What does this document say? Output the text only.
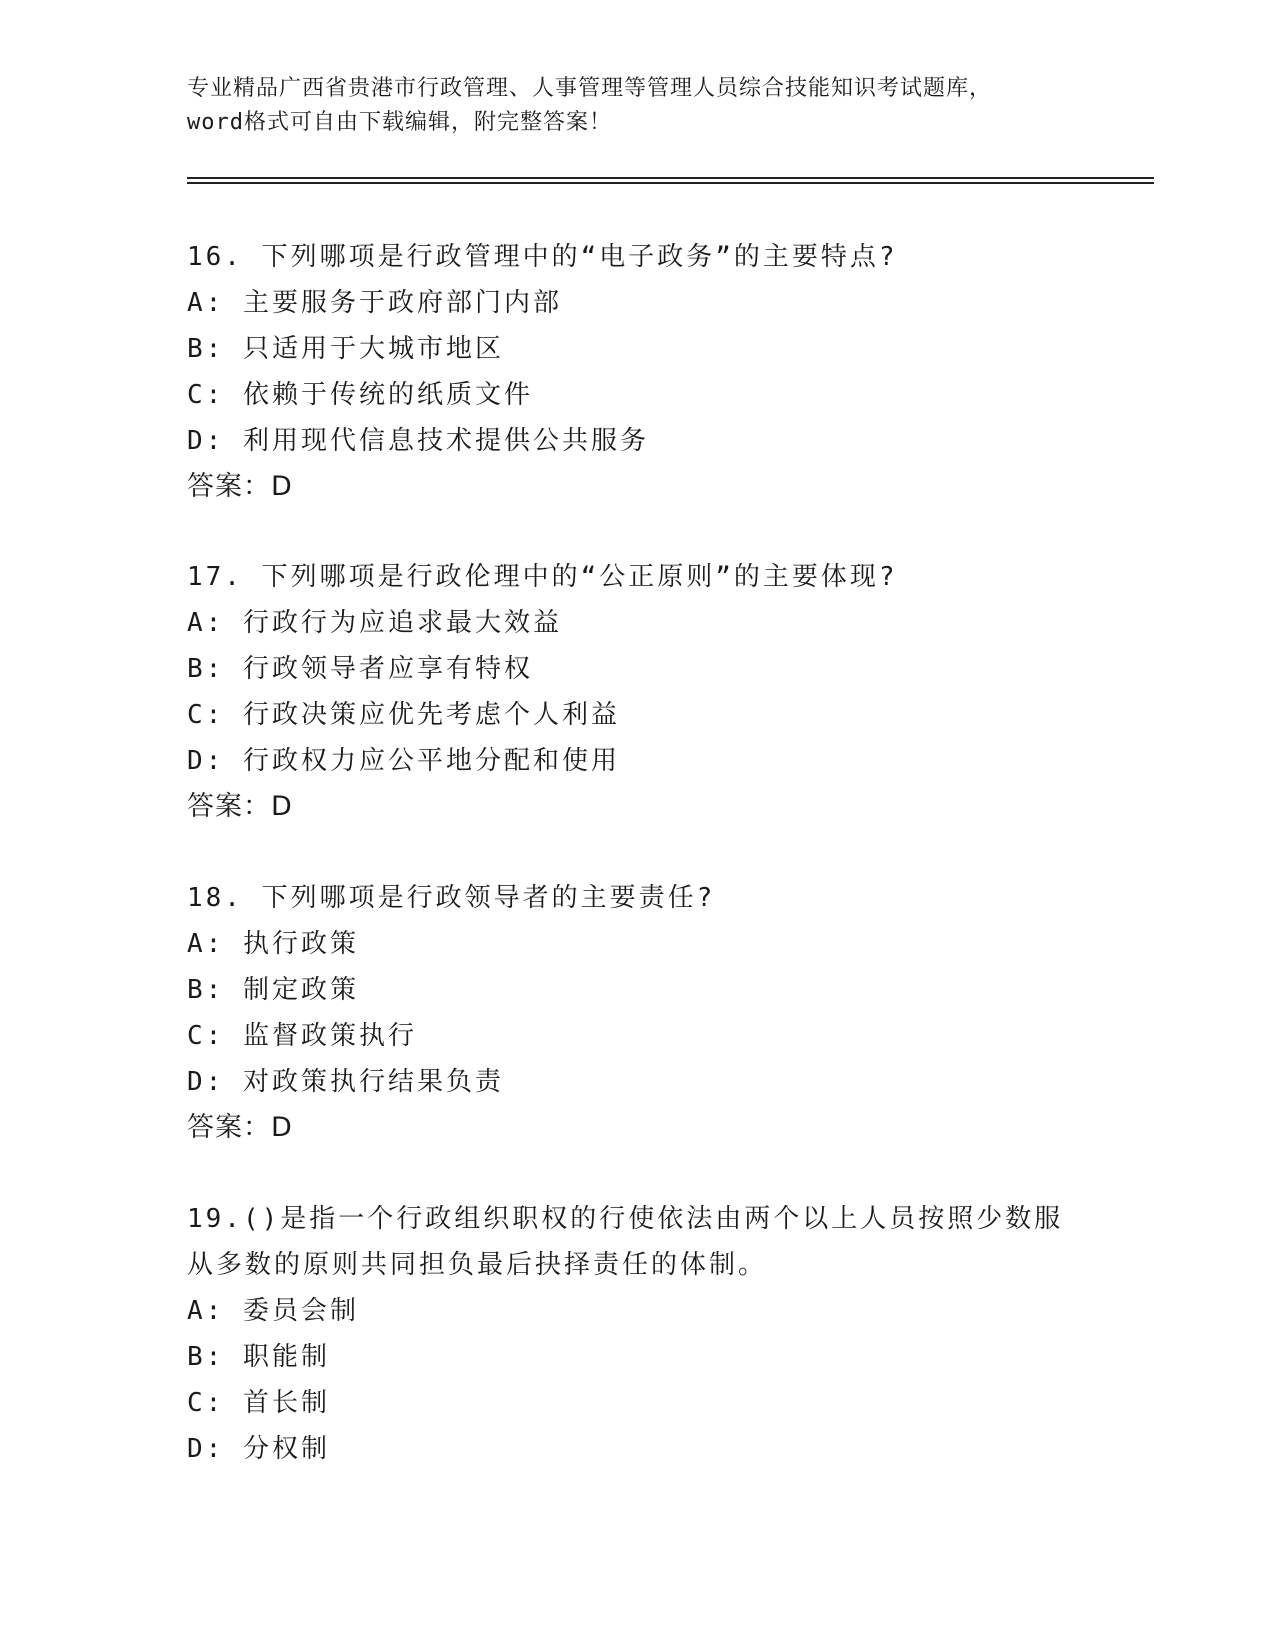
专业精品广西省贵港市行政管理、人事管理等管理人员综合技能知识考试题库，
word格式可自由下载编辑，附完整答案！
16. 下列哪项是行政管理中的“电子政务”的主要特点?
A: 主要服务于政府部门内部
B: 只适用于大城市地区
C: 依赖于传统的纸质文件
D: 利用现代信息技术提供公共服务
答案：D
17. 下列哪项是行政伦理中的“公正原则”的主要体现?
A: 行政行为应追求最大效益
B: 行政领导者应享有特权
C: 行政决策应优先考虑个人利益
D: 行政权力应公平地分配和使用
答案：D
18. 下列哪项是行政领导者的主要责任?
A: 执行政策
B: 制定政策
C: 监督政策执行
D: 对政策执行结果负责
答案：D
19.()是指一个行政组织职权的行使依法由两个以上人员按照少数服从多数的原则共同担负最后抉择责任的体制。
A: 委员会制
B: 职能制
C: 首长制
D: 分权制
